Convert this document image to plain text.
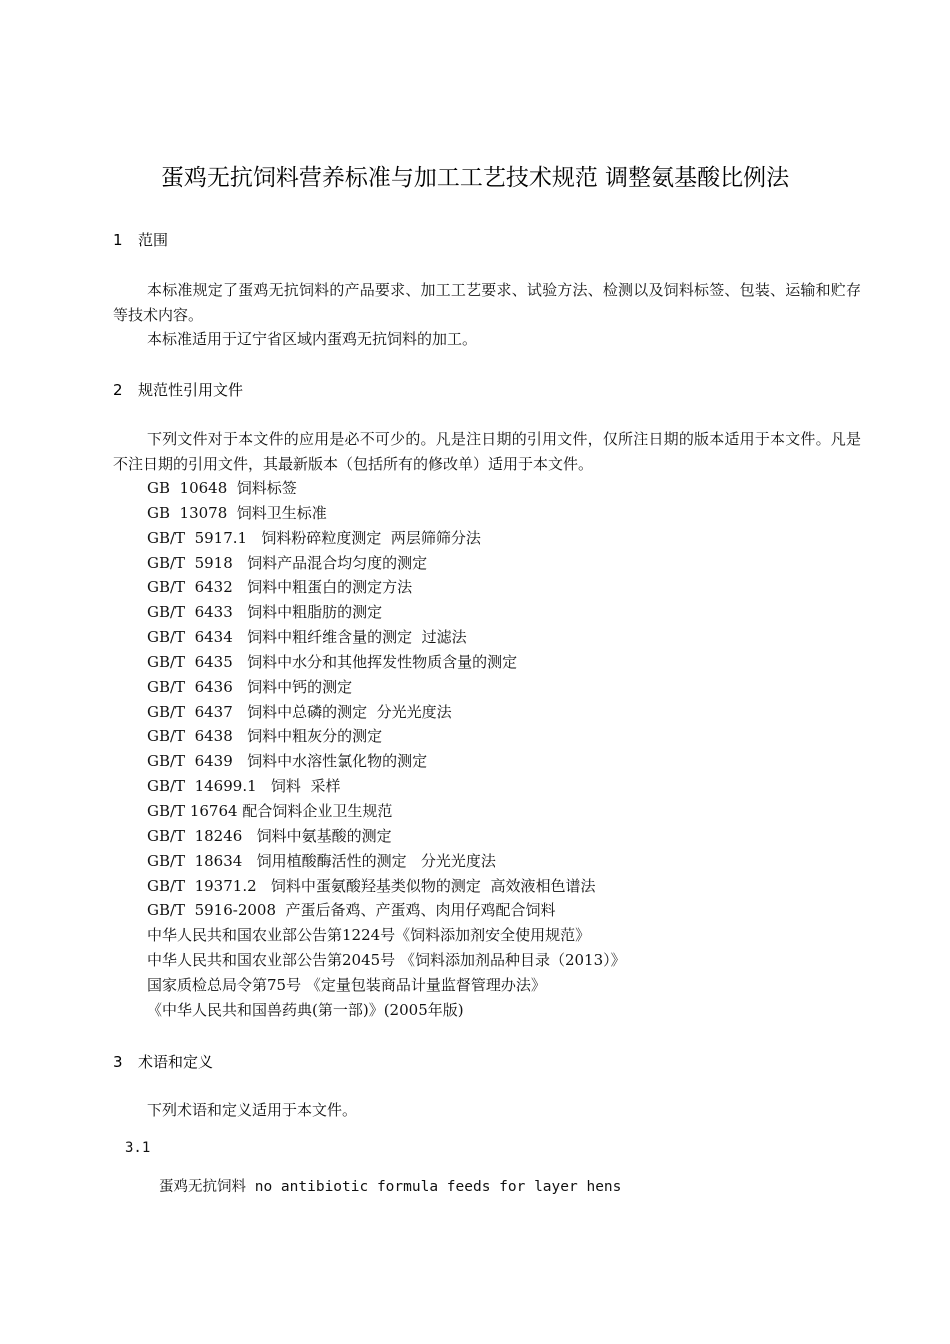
蛋鸡无抗饲料营养标准与加工工艺技术规范 调整氨基酸比例法
1 范围
本标准规定了蛋鸡无抗饲料的产品要求、加工工艺要求、试验方法、检测以及饲料标签、包装、运输和贮存等技术内容。
本标准适用于辽宁省区域内蛋鸡无抗饲料的加工。
2 规范性引用文件
下列文件对于本文件的应用是必不可少的。凡是注日期的引用文件，仅所注日期的版本适用于本文件。凡是不注日期的引用文件，其最新版本（包括所有的修改单）适用于本文件。
GB  10648  饲料标签
GB  13078  饲料卫生标准
GB/T  5917.1   饲料粉碎粒度测定  两层筛筛分法
GB/T  5918   饲料产品混合均匀度的测定
GB/T  6432   饲料中粗蛋白的测定方法
GB/T  6433   饲料中粗脂肪的测定
GB/T  6434   饲料中粗纤维含量的测定  过滤法
GB/T  6435   饲料中水分和其他挥发性物质含量的测定
GB/T  6436   饲料中钙的测定
GB/T  6437   饲料中总磷的测定  分光光度法
GB/T  6438   饲料中粗灰分的测定
GB/T  6439   饲料中水溶性氯化物的测定
GB/T  14699.1   饲料  采样
GB/T 16764 配合饲料企业卫生规范
GB/T  18246   饲料中氨基酸的测定
GB/T  18634   饲用植酸酶活性的测定   分光光度法
GB/T  19371.2   饲料中蛋氨酸羟基类似物的测定  高效液相色谱法
GB/T  5916-2008  产蛋后备鸡、产蛋鸡、肉用仔鸡配合饲料
中华人民共和国农业部公告第1224号《饲料添加剂安全使用规范》
中华人民共和国农业部公告第2045号 《饲料添加剂品种目录（2013）》
国家质检总局令第75号 《定量包装商品计量监督管理办法》
《中华人民共和国兽药典(第一部)》(2005年版)
3 术语和定义
下列术语和定义适用于本文件。
3.1
蛋鸡无抗饲料 no antibiotic formula feeds for layer hens
